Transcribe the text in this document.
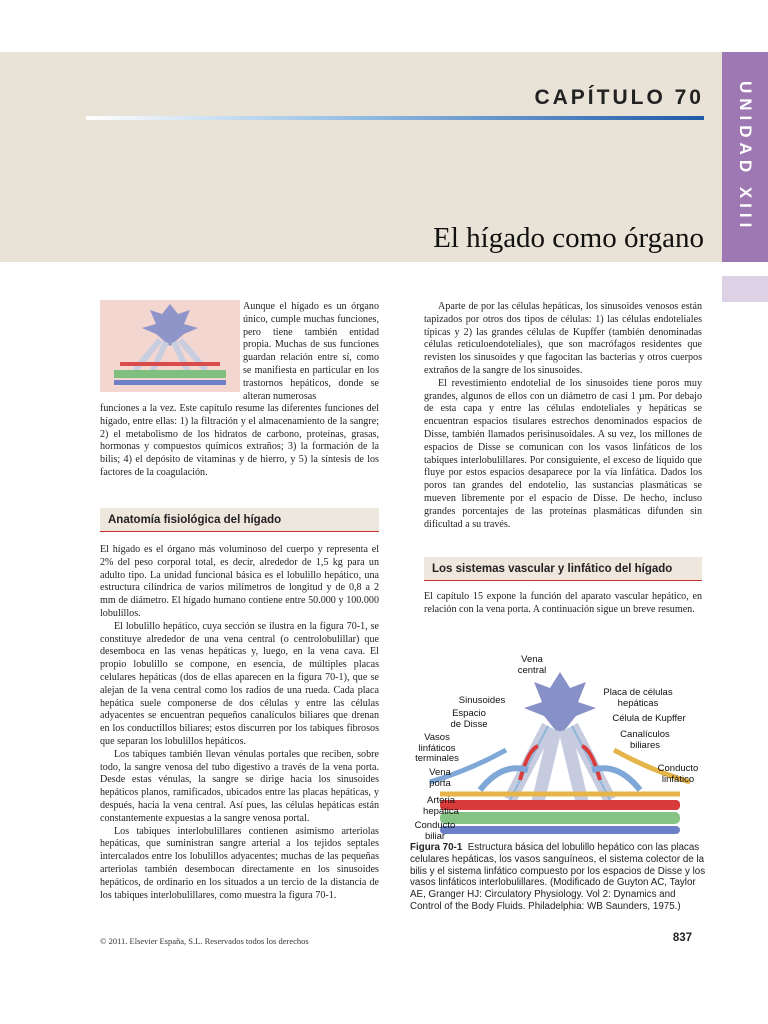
UNIDAD XIII
CAPÍTULO 70
El hígado como órgano

Aunque el hígado es un órgano único, cumple muchas funciones, pero tiene también entidad propia. Muchas de sus funciones guardan relación entre sí, como se manifiesta en particular en los trastornos hepáticos, donde se alteran numerosas

funciones a la vez. Este capítulo resume las diferentes funciones del hígado, entre ellas: 1) la filtración y el almacenamiento de la sangre; 2) el metabolismo de los hidratos de carbono, proteínas, grasas, hormonas y compuestos químicos extraños; 3) la formación de la bilis; 4) el depósito de vitaminas y de hierro, y 5) la síntesis de los factores de la coagulación.

Anatomía fisiológica del hígado

El hígado es el órgano más voluminoso del cuerpo y representa el 2% del peso corporal total, es decir, alrededor de 1,5 kg para un adulto tipo. La unidad funcional básica es el lobulillo hepático, una estructura cilíndrica de varios milímetros de longitud y de 0,8 a 2 mm de diámetro. El hígado humano contiene entre 50.000 y 100.000 lobulillos.

El lobulillo hepático, cuya sección se ilustra en la figura 70-1, se constituye alrededor de una vena central (o centrolobulillar) que desemboca en las venas hepáticas y, luego, en la vena cava. El propio lobulillo se compone, en esencia, de múltiples placas celulares hepáticas (dos de ellas aparecen en la figura 70-1), que se alejan de la vena central como los radios de una rueda. Cada placa hepática suele componerse de dos células y entre las células adyacentes se encuentran pequeños canalículos biliares que drenan en los conductillos biliares; estos discurren por los tabiques fibrosos que separan los lobulillos hepáticos.

Los tabiques también llevan vénulas portales que reciben, sobre todo, la sangre venosa del tubo digestivo a través de la vena porta. Desde estas vénulas, la sangre se dirige hacia los sinusoides hepáticos planos, ramificados, ubicados entre las placas hepáticas, y después, hacia la vena central. Así pues, las células hepáticas están constantemente expuestas a la sangre venosa portal.

Los tabiques interlobulillares contienen asimismo arteriolas hepáticas, que suministran sangre arterial a los tejidos septales intercalados entre los lobulillos adyacentes; muchas de las pequeñas arteriolas también desembocan directamente en los sinusoides hepáticos, de ordinario en los situados a un tercio de la distancia de los tabiques interlobulillares, como muestra la figura 70-1.

Aparte de por las células hepáticas, los sinusoides venosos están tapizados por otros dos tipos de células: 1) las células endoteliales típicas y 2) las grandes células de Kupffer (también denominadas células reticuloendoteliales), que son macrófagos residentes que revisten los sinusoides y que fagocitan las bacterias y otros cuerpos extraños de la sangre de los sinusoides.

El revestimiento endotelial de los sinusoides tiene poros muy grandes, algunos de ellos con un diámetro de casi 1 µm. Por debajo de esta capa y entre las células endoteliales y hepáticas se encuentran espacios tisulares estrechos denominados espacios de Disse, también llamados perisinusoidales. A su vez, los millones de espacios de Disse se comunican con los vasos linfáticos de los tabiques interlobulillares. Por consiguiente, el exceso de líquido que fluye por estos espacios desaparece por la vía linfática. Dados los poros tan grandes del endotelio, las sustancias plasmáticas se mueven libremente por el espacio de Disse. De hecho, incluso grandes porcentajes de las proteínas plasmáticas difunden sin dificultad a su través.

Los sistemas vascular y linfático del hígado

El capítulo 15 expone la función del aparato vascular hepático, en relación con la vena porta. A continuación sigue un breve resumen.

Vena central
Sinusoides
Espacio de Disse
Vasos linfáticos terminales
Vena porta
Arteria hepática
Conducto biliar
Placa de células hepáticas
Célula de Kupffer
Canalículos biliares
Conducto linfático
Figura 70-1 Estructura básica del lobulillo hepático con las placas celulares hepáticas, los vasos sanguíneos, el sistema colector de la bilis y el sistema linfático compuesto por los espacios de Disse y los vasos linfáticos interlobulillares. (Modificado de Guyton AC, Taylor AE, Granger HJ: Circulatory Physiology. Vol 2: Dynamics and Control of the Body Fluids. Philadelphia: WB Saunders, 1975.)
© 2011. Elsevier España, S.L. Reservados todos los derechos	837
